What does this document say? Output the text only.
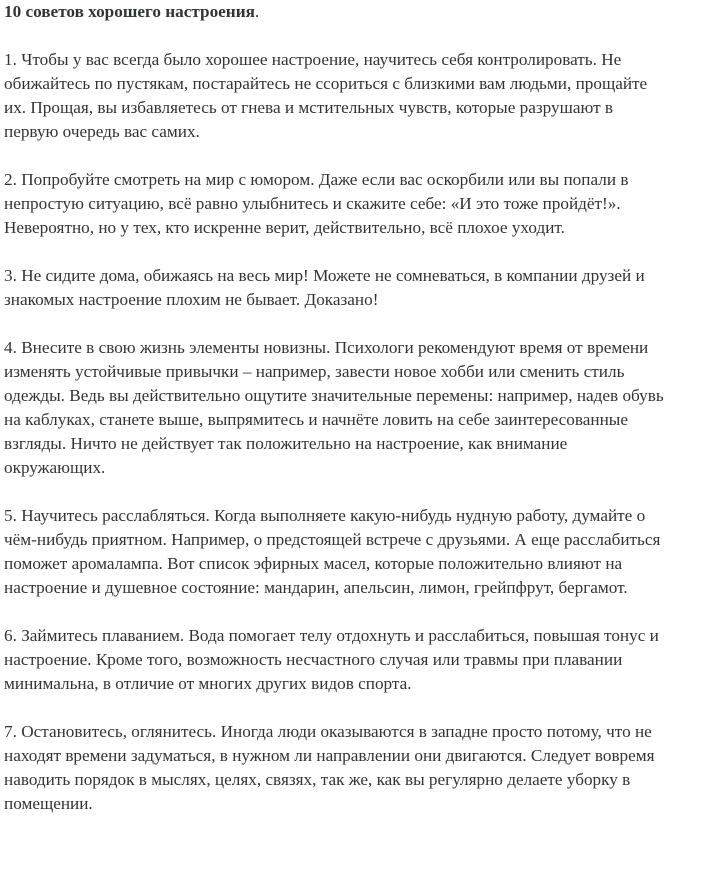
10 советов хорошего настроения.

1. Чтобы у вас всегда было хорошее настроение, научитесь себя контролировать. Не
обижайтесь по пустякам, постарайтесь не ссориться с близкими вам людьми, прощайте
их. Прощая, вы избавляетесь от гнева и мстительных чувств, которые разрушают в
первую очередь вас самих.

2. Попробуйте смотреть на мир с юмором. Даже если вас оскорбили или вы попали в
непростую ситуацию, всё равно улыбнитесь и скажите себе: «И это тоже пройдёт!».
Невероятно, но у тех, кто искренне верит, действительно, всё плохое уходит.

3. Не сидите дома, обижаясь на весь мир! Можете не сомневаться, в компании друзей и
знакомых настроение плохим не бывает. Доказано!

4. Внесите в свою жизнь элементы новизны. Психологи рекомендуют время от времени
изменять устойчивые привычки – например, завести новое хобби или сменить стиль
одежды. Ведь вы действительно ощутите значительные перемены: например, надев обувь
на каблуках, станете выше, выпрямитесь и начнёте ловить на себе заинтересованные
взгляды. Ничто не действует так положительно на настроение, как внимание
окружающих.

5. Научитесь расслабляться. Когда выполняете какую-нибудь нудную работу, думайте о
чём-нибудь приятном. Например, о предстоящей встрече с друзьями. А еще расслабиться
поможет аромалампа. Вот список эфирных масел, которые положительно влияют на
настроение и душевное состояние: мандарин, апельсин, лимон, грейпфрут, бергамот.

6. Займитесь плаванием. Вода помогает телу отдохнуть и расслабиться, повышая тонус и
настроение. Кроме того, возможность несчастного случая или травмы при плавании
минимальна, в отличие от многих других видов спорта.

7. Остановитесь, оглянитесь. Иногда люди оказываются в западне просто потому, что не
находят времени задуматься, в нужном ли направлении они двигаются. Следует вовремя
наводить порядок в мыслях, целях, связях, так же, как вы регулярно делаете уборку в
помещении.
